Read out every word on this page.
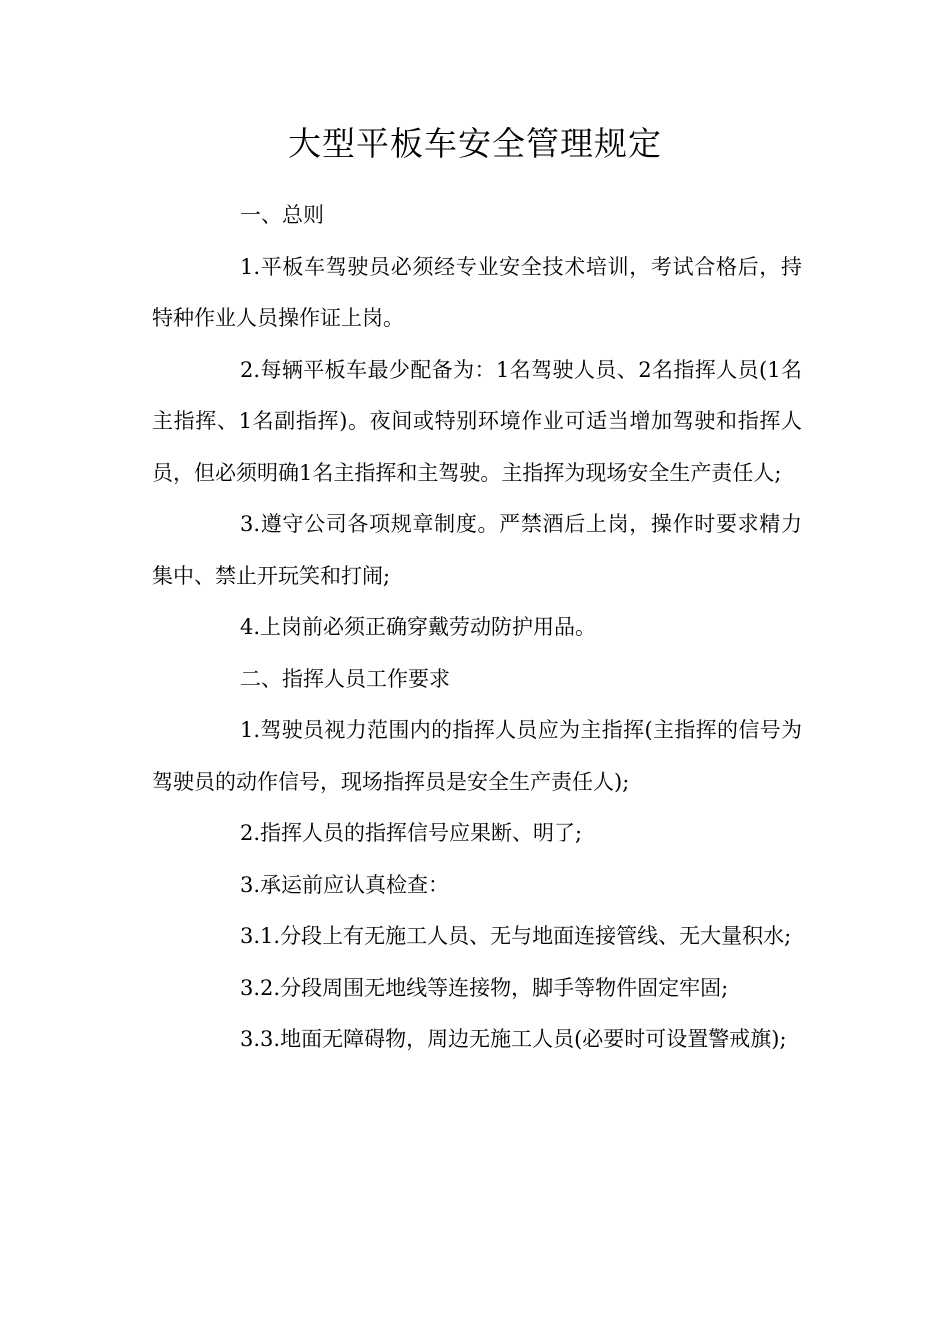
大型平板车安全管理规定

一、总则

1.平板车驾驶员必须经专业安全技术培训，考试合格后，持特种作业人员操作证上岗。

2.每辆平板车最少配备为：1名驾驶人员、2名指挥人员(1名主指挥、1名副指挥)。夜间或特别环境作业可适当增加驾驶和指挥人员，但必须明确1名主指挥和主驾驶。主指挥为现场安全生产责任人;

3.遵守公司各项规章制度。严禁酒后上岗，操作时要求精力集中、禁止开玩笑和打闹;

4.上岗前必须正确穿戴劳动防护用品。

二、指挥人员工作要求

1.驾驶员视力范围内的指挥人员应为主指挥(主指挥的信号为驾驶员的动作信号，现场指挥员是安全生产责任人);

2.指挥人员的指挥信号应果断、明了;

3.承运前应认真检查：

3.1.分段上有无施工人员、无与地面连接管线、无大量积水;

3.2.分段周围无地线等连接物，脚手等物件固定牢固;

3.3.地面无障碍物，周边无施工人员(必要时可设置警戒旗);
